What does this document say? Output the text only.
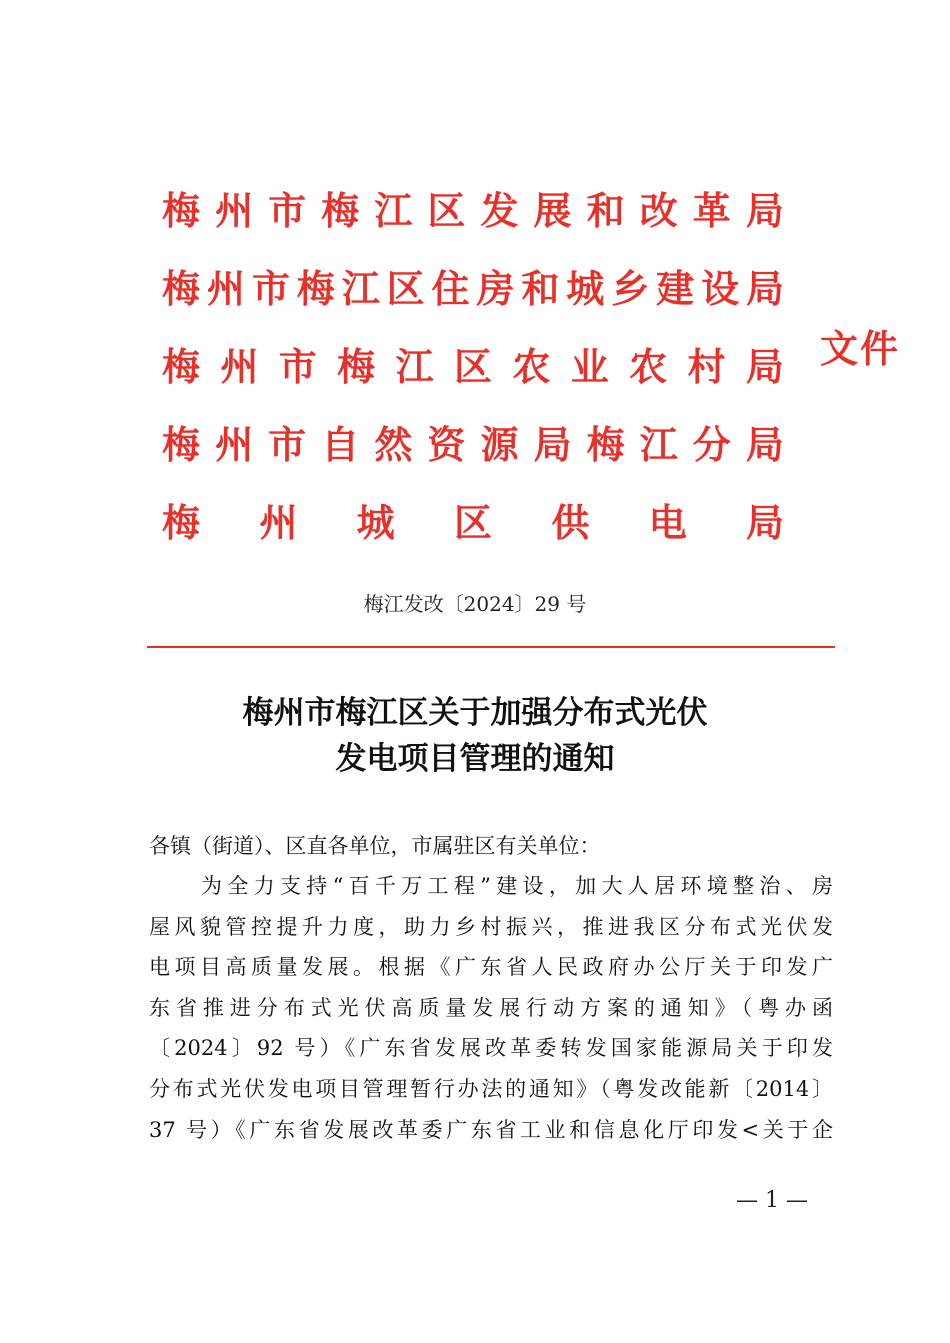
梅 州 市 梅 江 区 发 展 和 改 革 局
梅 州 市 梅 江 区 住 房 和 城 乡 建 设 局
梅 州 市 梅 江 区 农 业 农 村 局
梅 州 市 自 然 资 源 局 梅 江 分 局
梅 州 城 区 供 电 局
文件
梅江发改〔2024〕29 号
梅州市梅江区关于加强分布式光伏
发电项目管理的通知
各镇（街道）、区直各单位，市属驻区有关单位：
为全力支持“百千万工程”建设，加大人居环境整治、房
屋风貌管控提升力度，助力乡村振兴，推进我区分布式光伏发
电项目高质量发展。根据《广东省人民政府办公厅关于印发广
东省推进分布式光伏高质量发展行动方案的通知》（粤办函
〔2024〕92 号）《广东省发展改革委转发国家能源局关于印发
分布式光伏发电项目管理暂行办法的通知》（粤发改能新〔2014〕
37 号）《广东省发展改革委广东省工业和信息化厅印发<关于企
— 1 —
